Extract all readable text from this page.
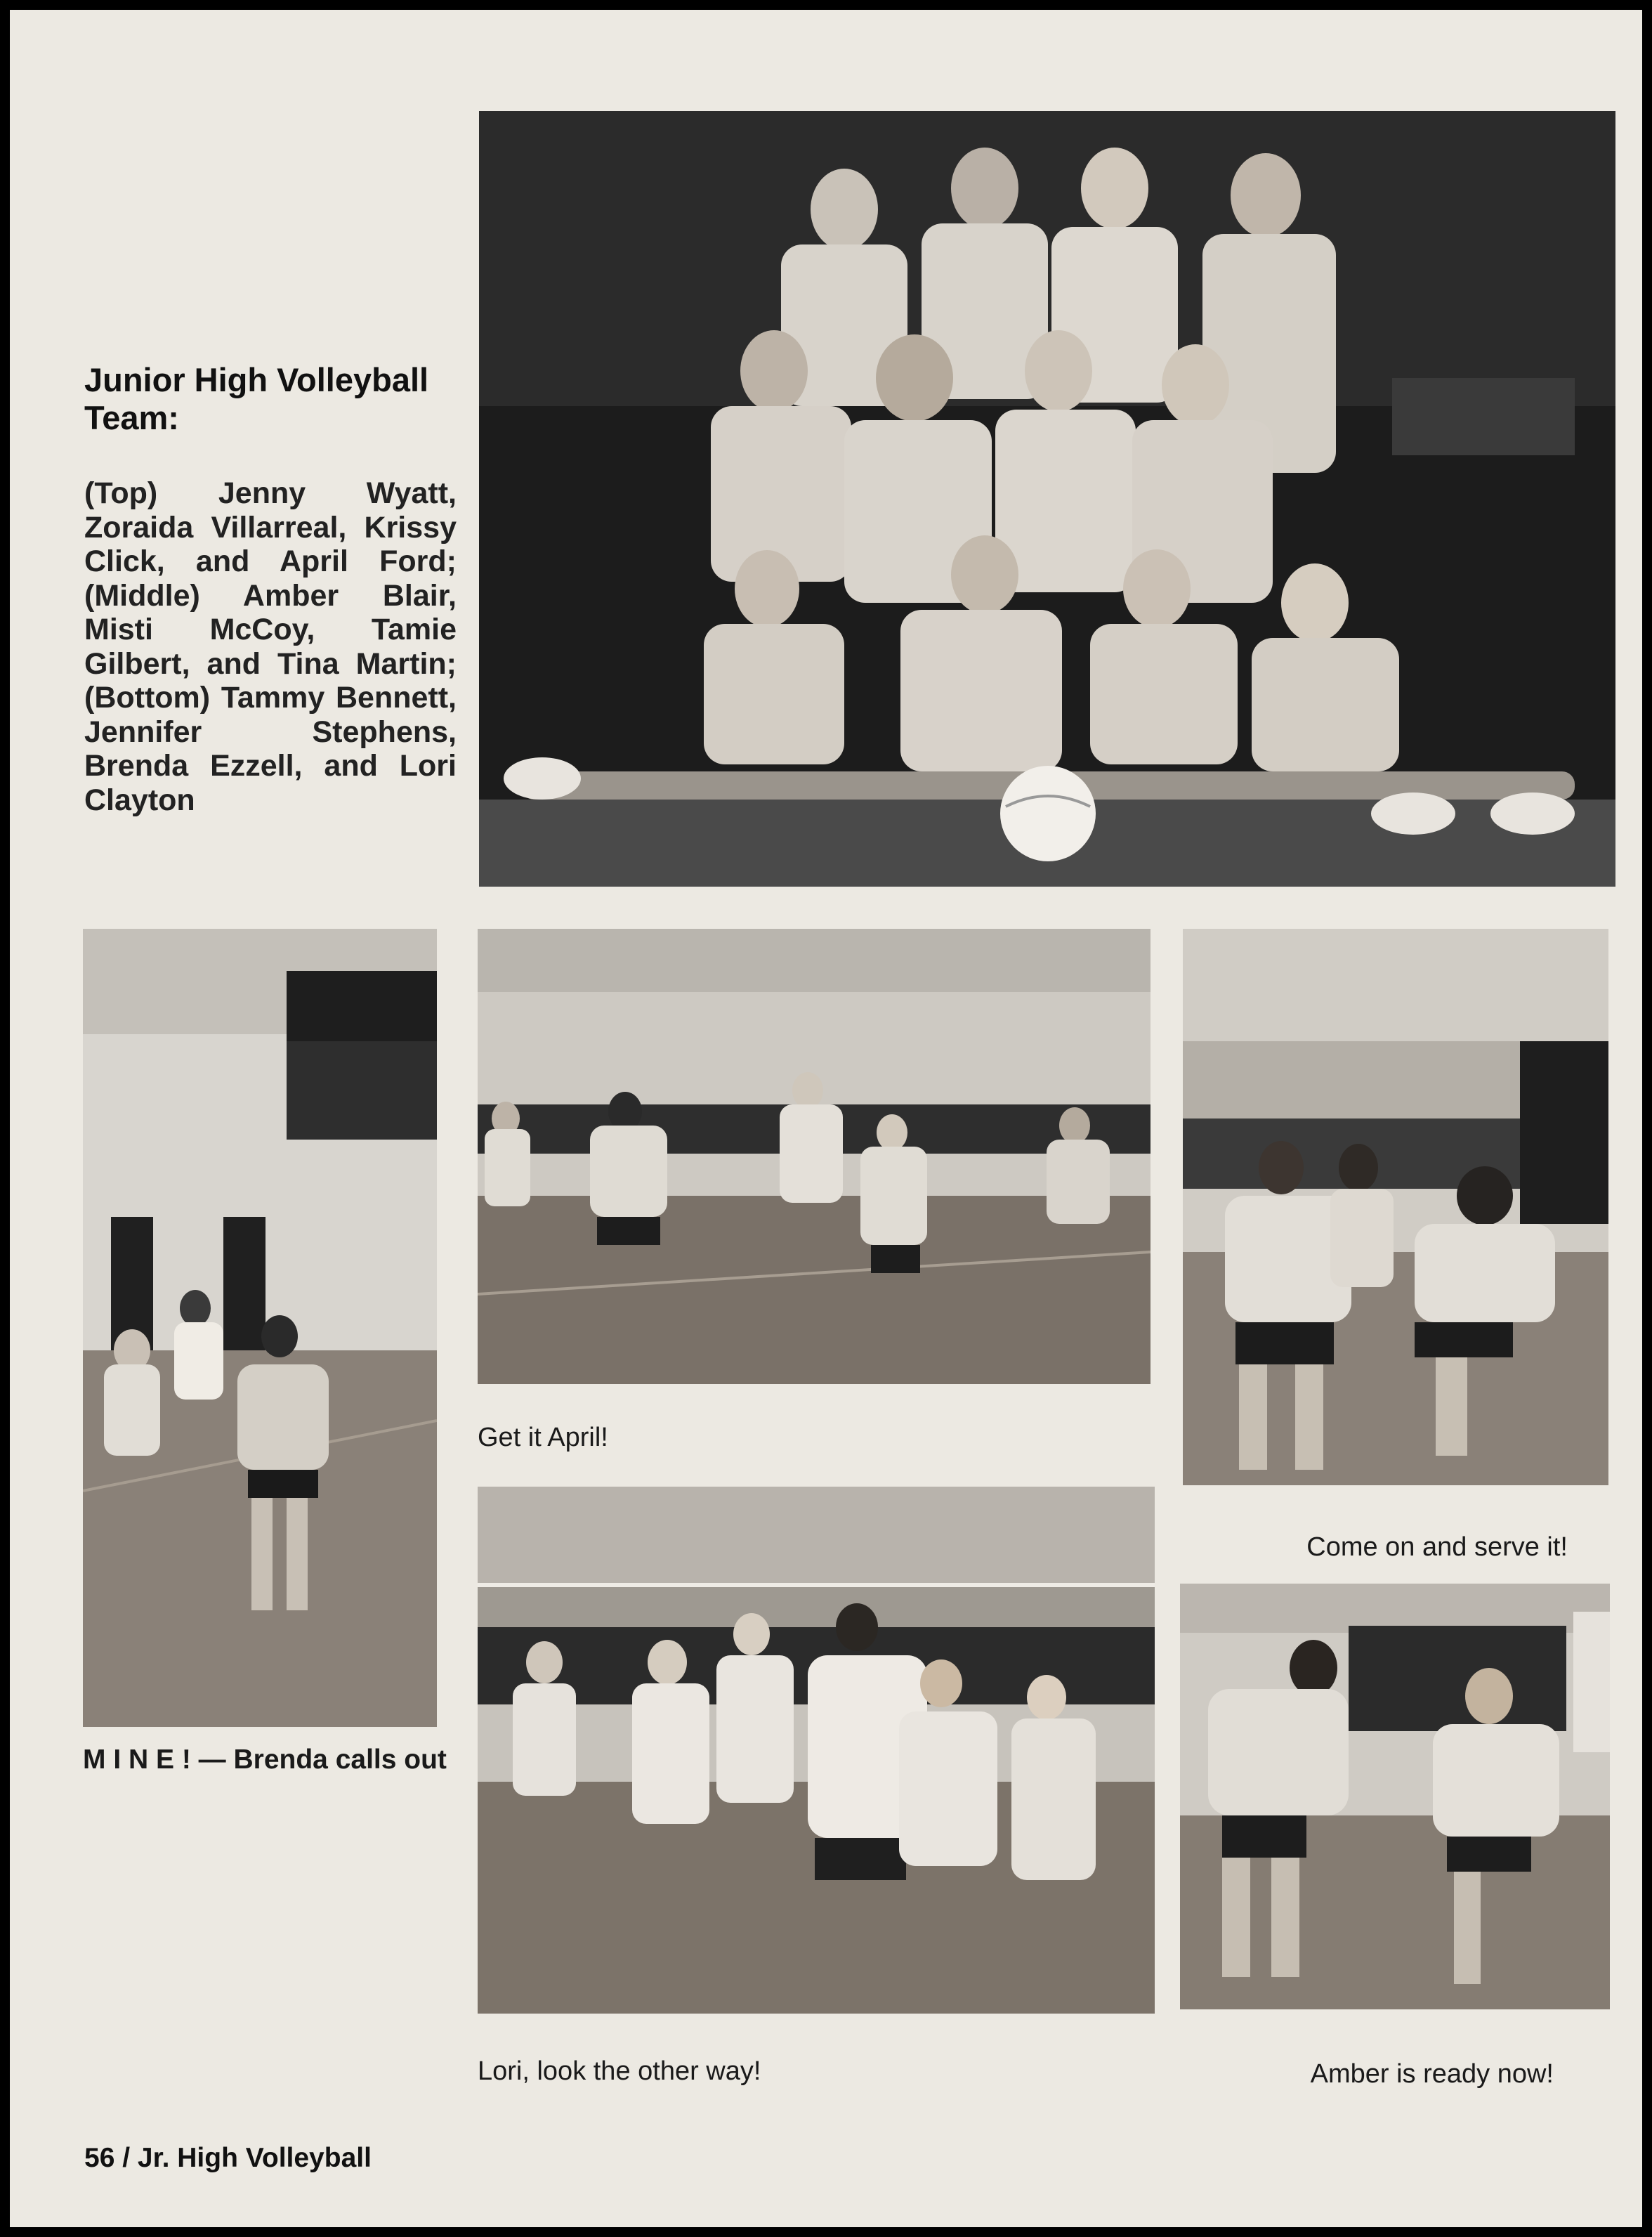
Junior High Volleyball Team:
(Top) Jenny Wyatt, Zoraida Villarreal, Krissy Click, and April Ford; (Middle) Amber Blair, Misti McCoy, Tamie Gilbert, and Tina Martin; (Bottom) Tammy Bennett, Jennifer Stephens, Brenda Ezzell, and Lori Clayton
M I N E ! — Brenda calls out
Get it April!
Come on and serve it!
Lori, look the other way!	Amber is ready now!
56 / Jr. High Volleyball
